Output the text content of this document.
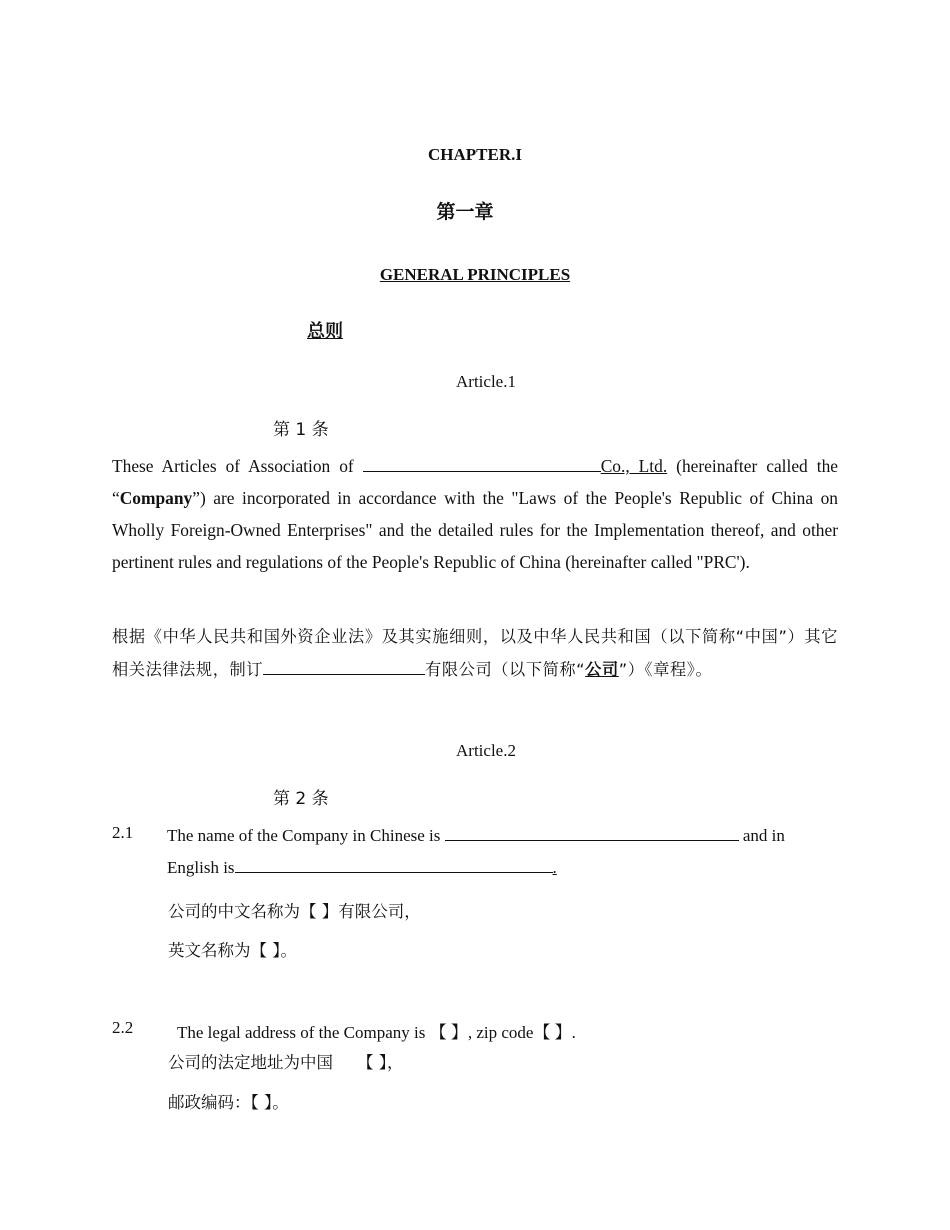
CHAPTER.I
第一章
GENERAL PRINCIPLES
总则
Article.1
第 1 条

These Articles of Association of	Co., Ltd. (hereinafter called the “Company”) are incorporated in accordance with the "Laws of the People's Republic of China on Wholly Foreign-Owned Enterprises" and the detailed rules for the Implementation thereof, and other pertinent rules and regulations of the People's Republic of China (hereinafter called "PRC').

根据《中华人民共和国外资企业法》及其实施细则，以及中华人民共和国（以下简称“中国”）其它相关法律法规，制订	有限公司（以下简称“公司”）《章程》。

Article.2
第 2 条
2.1 The name of the Company in Chinese is	and in
English is	.
公司的中文名称为【 】有限公司，
英文名称为【 】。
2.2	The legal address of the Company is 【 】, zip code【 】.
公司的法定地址为中国 【 】，
邮政编码：【 】。
